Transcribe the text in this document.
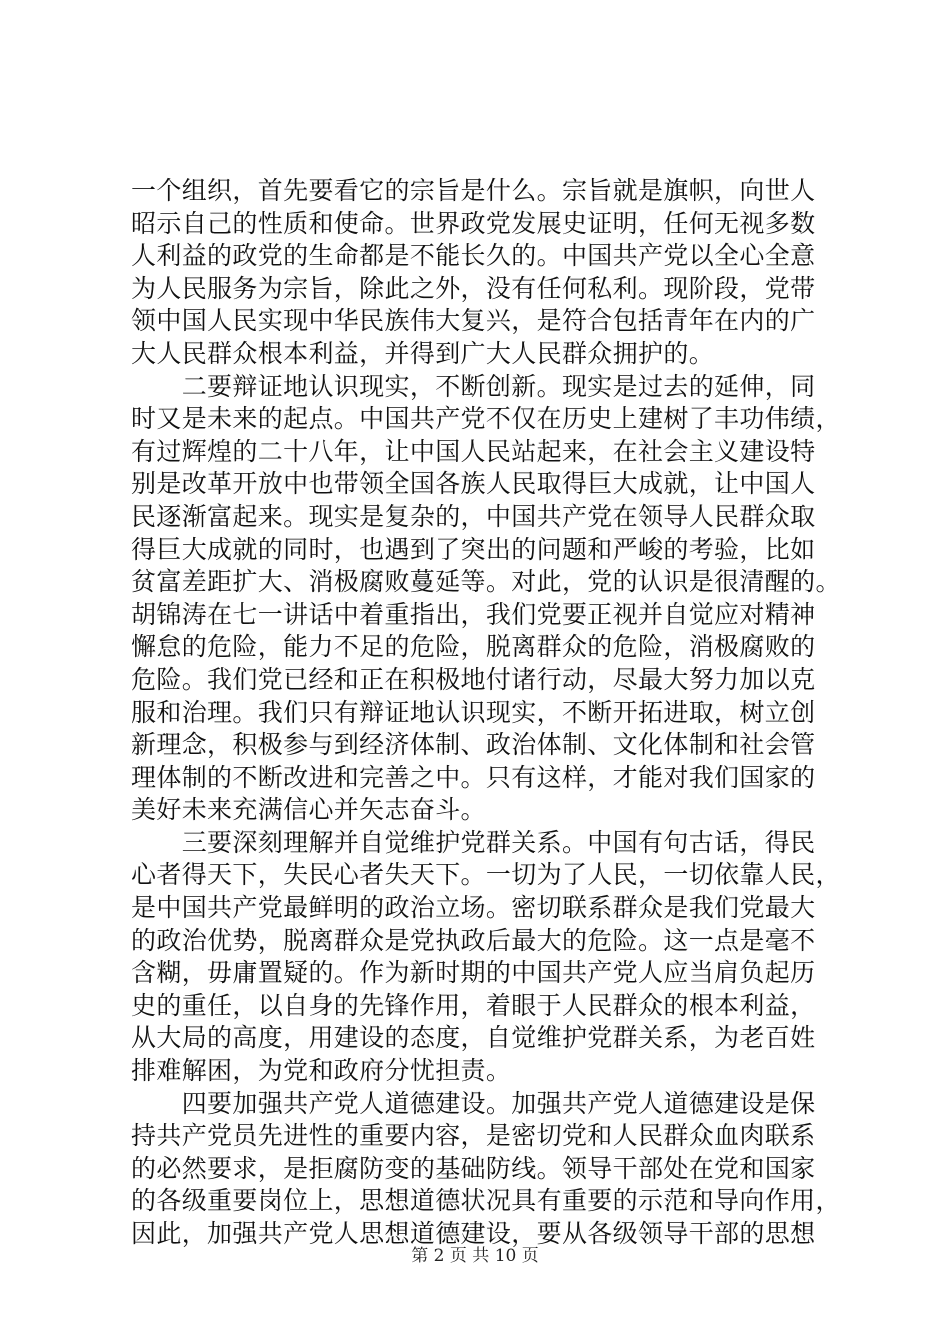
一个组织，首先要看它的宗旨是什么。宗旨就是旗帜，向世人
昭示自己的性质和使命。世界政党发展史证明，任何无视多数
人利益的政党的生命都是不能长久的。中国共产党以全心全意
为人民服务为宗旨，除此之外，没有任何私利。现阶段，党带
领中国人民实现中华民族伟大复兴，是符合包括青年在内的广
大人民群众根本利益，并得到广大人民群众拥护的。
　　二要辩证地认识现实，不断创新。现实是过去的延伸，同
时又是未来的起点。中国共产党不仅在历史上建树了丰功伟绩，
有过辉煌的二十八年，让中国人民站起来，在社会主义建设特
别是改革开放中也带领全国各族人民取得巨大成就，让中国人
民逐渐富起来。现实是复杂的，中国共产党在领导人民群众取
得巨大成就的同时，也遇到了突出的问题和严峻的考验，比如
贫富差距扩大、消极腐败蔓延等。对此，党的认识是很清醒的。
胡锦涛在七一讲话中着重指出，我们党要正视并自觉应对精神
懈怠的危险，能力不足的危险，脱离群众的危险，消极腐败的
危险。我们党已经和正在积极地付诸行动，尽最大努力加以克
服和治理。我们只有辩证地认识现实，不断开拓进取，树立创
新理念，积极参与到经济体制、政治体制、文化体制和社会管
理体制的不断改进和完善之中。只有这样，才能对我们国家的
美好未来充满信心并矢志奋斗。
　　三要深刻理解并自觉维护党群关系。中国有句古话，得民
心者得天下，失民心者失天下。一切为了人民，一切依靠人民，
是中国共产党最鲜明的政治立场。密切联系群众是我们党最大
的政治优势，脱离群众是党执政后最大的危险。这一点是毫不
含糊，毋庸置疑的。作为新时期的中国共产党人应当肩负起历
史的重任，以自身的先锋作用，着眼于人民群众的根本利益，
从大局的高度，用建设的态度，自觉维护党群关系，为老百姓
排难解困，为党和政府分忧担责。
　　四要加强共产党人道德建设。加强共产党人道德建设是保
持共产党员先进性的重要内容，是密切党和人民群众血肉联系
的必然要求，是拒腐防变的基础防线。领导干部处在党和国家
的各级重要岗位上，思想道德状况具有重要的示范和导向作用，
因此，加强共产党人思想道德建设，要从各级领导干部的思想
第 2 页 共 10 页
